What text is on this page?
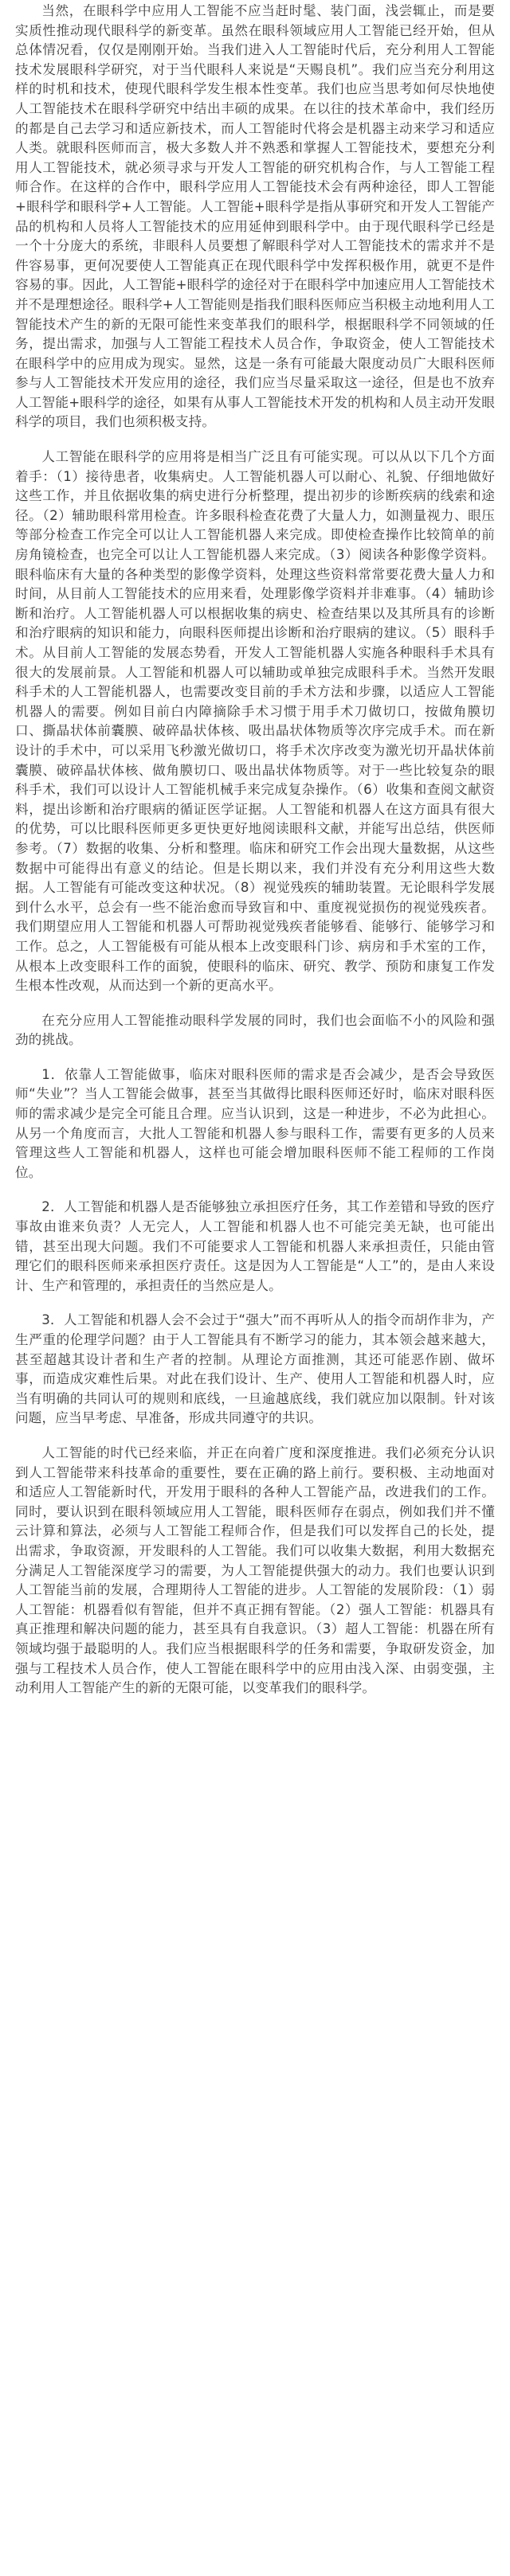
当然，在眼科学中应用人工智能不应当赶时髦、装门面，浅尝辄止，而是要实质性推动现代眼科学的新变革。虽然在眼科领域应用人工智能已经开始，但从总体情况看，仅仅是刚刚开始。当我们进入人工智能时代后，充分利用人工智能技术发展眼科学研究，对于当代眼科人来说是“天赐良机”。我们应当充分利用这样的时机和技术，使现代眼科学发生根本性变革。我们也应当思考如何尽快地使人工智能技术在眼科学研究中结出丰硕的成果。在以往的技术革命中，我们经历的都是自己去学习和适应新技术，而人工智能时代将会是机器主动来学习和适应人类。就眼科医师而言，极大多数人并不熟悉和掌握人工智能技术，要想充分利用人工智能技术，就必须寻求与开发人工智能的研究机构合作，与人工智能工程师合作。在这样的合作中，眼科学应用人工智能技术会有两种途径，即人工智能+眼科学和眼科学+人工智能。人工智能+眼科学是指从事研究和开发人工智能产品的机构和人员将人工智能技术的应用延伸到眼科学中。由于现代眼科学已经是一个十分庞大的系统，非眼科人员要想了解眼科学对人工智能技术的需求并不是件容易事，更何况要使人工智能真正在现代眼科学中发挥积极作用，就更不是件容易的事。因此，人工智能+眼科学的途径对于在眼科学中加速应用人工智能技术并不是理想途径。眼科学+人工智能则是指我们眼科医师应当积极主动地利用人工智能技术产生的新的无限可能性来变革我们的眼科学，根据眼科学不同领域的任务，提出需求，加强与人工智能工程技术人员合作，争取资金，使人工智能技术在眼科学中的应用成为现实。显然，这是一条有可能最大限度动员广大眼科医师参与人工智能技术开发应用的途径，我们应当尽量采取这一途径，但是也不放弃人工智能+眼科学的途径，如果有从事人工智能技术开发的机构和人员主动开发眼科学的项目，我们也须积极支持。

人工智能在眼科学的应用将是相当广泛且有可能实现。可以从以下几个方面着手：（1）接待患者，收集病史。人工智能机器人可以耐心、礼貌、仔细地做好这些工作，并且依据收集的病史进行分析整理，提出初步的诊断疾病的线索和途径。（2）辅助眼科常用检查。许多眼科检查花费了大量人力，如测量视力、眼压等部分检查工作完全可以让人工智能机器人来完成。即使检查操作比较简单的前房角镜检查，也完全可以让人工智能机器人来完成。（3）阅读各种影像学资料。眼科临床有大量的各种类型的影像学资料，处理这些资料常常要花费大量人力和时间，从目前人工智能技术的应用来看，处理影像学资料并非难事。（4）辅助诊断和治疗。人工智能机器人可以根据收集的病史、检查结果以及其所具有的诊断和治疗眼病的知识和能力，向眼科医师提出诊断和治疗眼病的建议。（5）眼科手术。从目前人工智能的发展态势看，开发人工智能机器人实施各种眼科手术具有很大的发展前景。人工智能和机器人可以辅助或单独完成眼科手术。当然开发眼科手术的人工智能机器人，也需要改变目前的手术方法和步骤，以适应人工智能机器人的需要。例如目前白内障摘除手术习惯于用手术刀做切口，按做角膜切口、撕晶状体前囊膜、破碎晶状体核、吸出晶状体物质等次序完成手术。而在新设计的手术中，可以采用飞秒激光做切口，将手术次序改变为激光切开晶状体前囊膜、破碎晶状体核、做角膜切口、吸出晶状体物质等。对于一些比较复杂的眼科手术，我们可以设计人工智能机械手来完成复杂操作。（6）收集和查阅文献资料，提出诊断和治疗眼病的循证医学证据。人工智能和机器人在这方面具有很大的优势，可以比眼科医师更多更快更好地阅读眼科文献，并能写出总结，供医师参考。（7）数据的收集、分析和整理。临床和研究工作会出现大量数据，从这些数据中可能得出有意义的结论。但是长期以来，我们并没有充分利用这些大数据。人工智能有可能改变这种状况。（8）视觉残疾的辅助装置。无论眼科学发展到什么水平，总会有一些不能治愈而导致盲和中、重度视觉损伤的视觉残疾者。我们期望应用人工智能和机器人可帮助视觉残疾者能够看、能够行、能够学习和工作。总之，人工智能极有可能从根本上改变眼科门诊、病房和手术室的工作，从根本上改变眼科工作的面貌，使眼科的临床、研究、教学、预防和康复工作发生根本性改观，从而达到一个新的更高水平。

在充分应用人工智能推动眼科学发展的同时，我们也会面临不小的风险和强劲的挑战。

1．依靠人工智能做事，临床对眼科医师的需求是否会减少，是否会导致医师“失业”？当人工智能会做事，甚至当其做得比眼科医师还好时，临床对眼科医师的需求减少是完全可能且合理。应当认识到，这是一种进步，不必为此担心。从另一个角度而言，大批人工智能和机器人参与眼科工作，需要有更多的人员来管理这些人工智能和机器人，这样也可能会增加眼科医师不能工程师的工作岗位。

2．人工智能和机器人是否能够独立承担医疗任务，其工作差错和导致的医疗事故由谁来负责？人无完人，人工智能和机器人也不可能完美无缺，也可能出错，甚至出现大问题。我们不可能要求人工智能和机器人来承担责任，只能由管理它们的眼科医师来承担医疗责任。这是因为人工智能是“人工”的，是由人来设计、生产和管理的，承担责任的当然应是人。

3．人工智能和机器人会不会过于“强大”而不再听从人的指令而胡作非为，产生严重的伦理学问题？由于人工智能具有不断学习的能力，其本领会越来越大，甚至超越其设计者和生产者的控制。从理论方面推测，其还可能恶作剧、做坏事，而造成灾难性后果。对此在我们设计、生产、使用人工智能和机器人时，应当有明确的共同认可的规则和底线，一旦逾越底线，我们就应加以限制。针对该问题，应当早考虑、早准备，形成共同遵守的共识。

人工智能的时代已经来临，并正在向着广度和深度推进。我们必须充分认识到人工智能带来科技革命的重要性，要在正确的路上前行。要积极、主动地面对和适应人工智能新时代，开发用于眼科的各种人工智能产品，改进我们的工作。同时，要认识到在眼科领域应用人工智能，眼科医师存在弱点，例如我们并不懂云计算和算法，必须与人工智能工程师合作，但是我们可以发挥自己的长处，提出需求，争取资源，开发眼科的人工智能。我们可以收集大数据，利用大数据充分满足人工智能深度学习的需要，为人工智能提供强大的动力。我们也要认识到人工智能当前的发展，合理期待人工智能的进步。人工智能的发展阶段：（1）弱人工智能：机器看似有智能，但并不真正拥有智能。（2）强人工智能：机器具有真正推理和解决问题的能力，甚至具有自我意识。（3）超人工智能：机器在所有领域均强于最聪明的人。我们应当根据眼科学的任务和需要，争取研发资金，加强与工程技术人员合作，使人工智能在眼科学中的应用由浅入深、由弱变强，主动利用人工智能产生的新的无限可能，以变革我们的眼科学。
